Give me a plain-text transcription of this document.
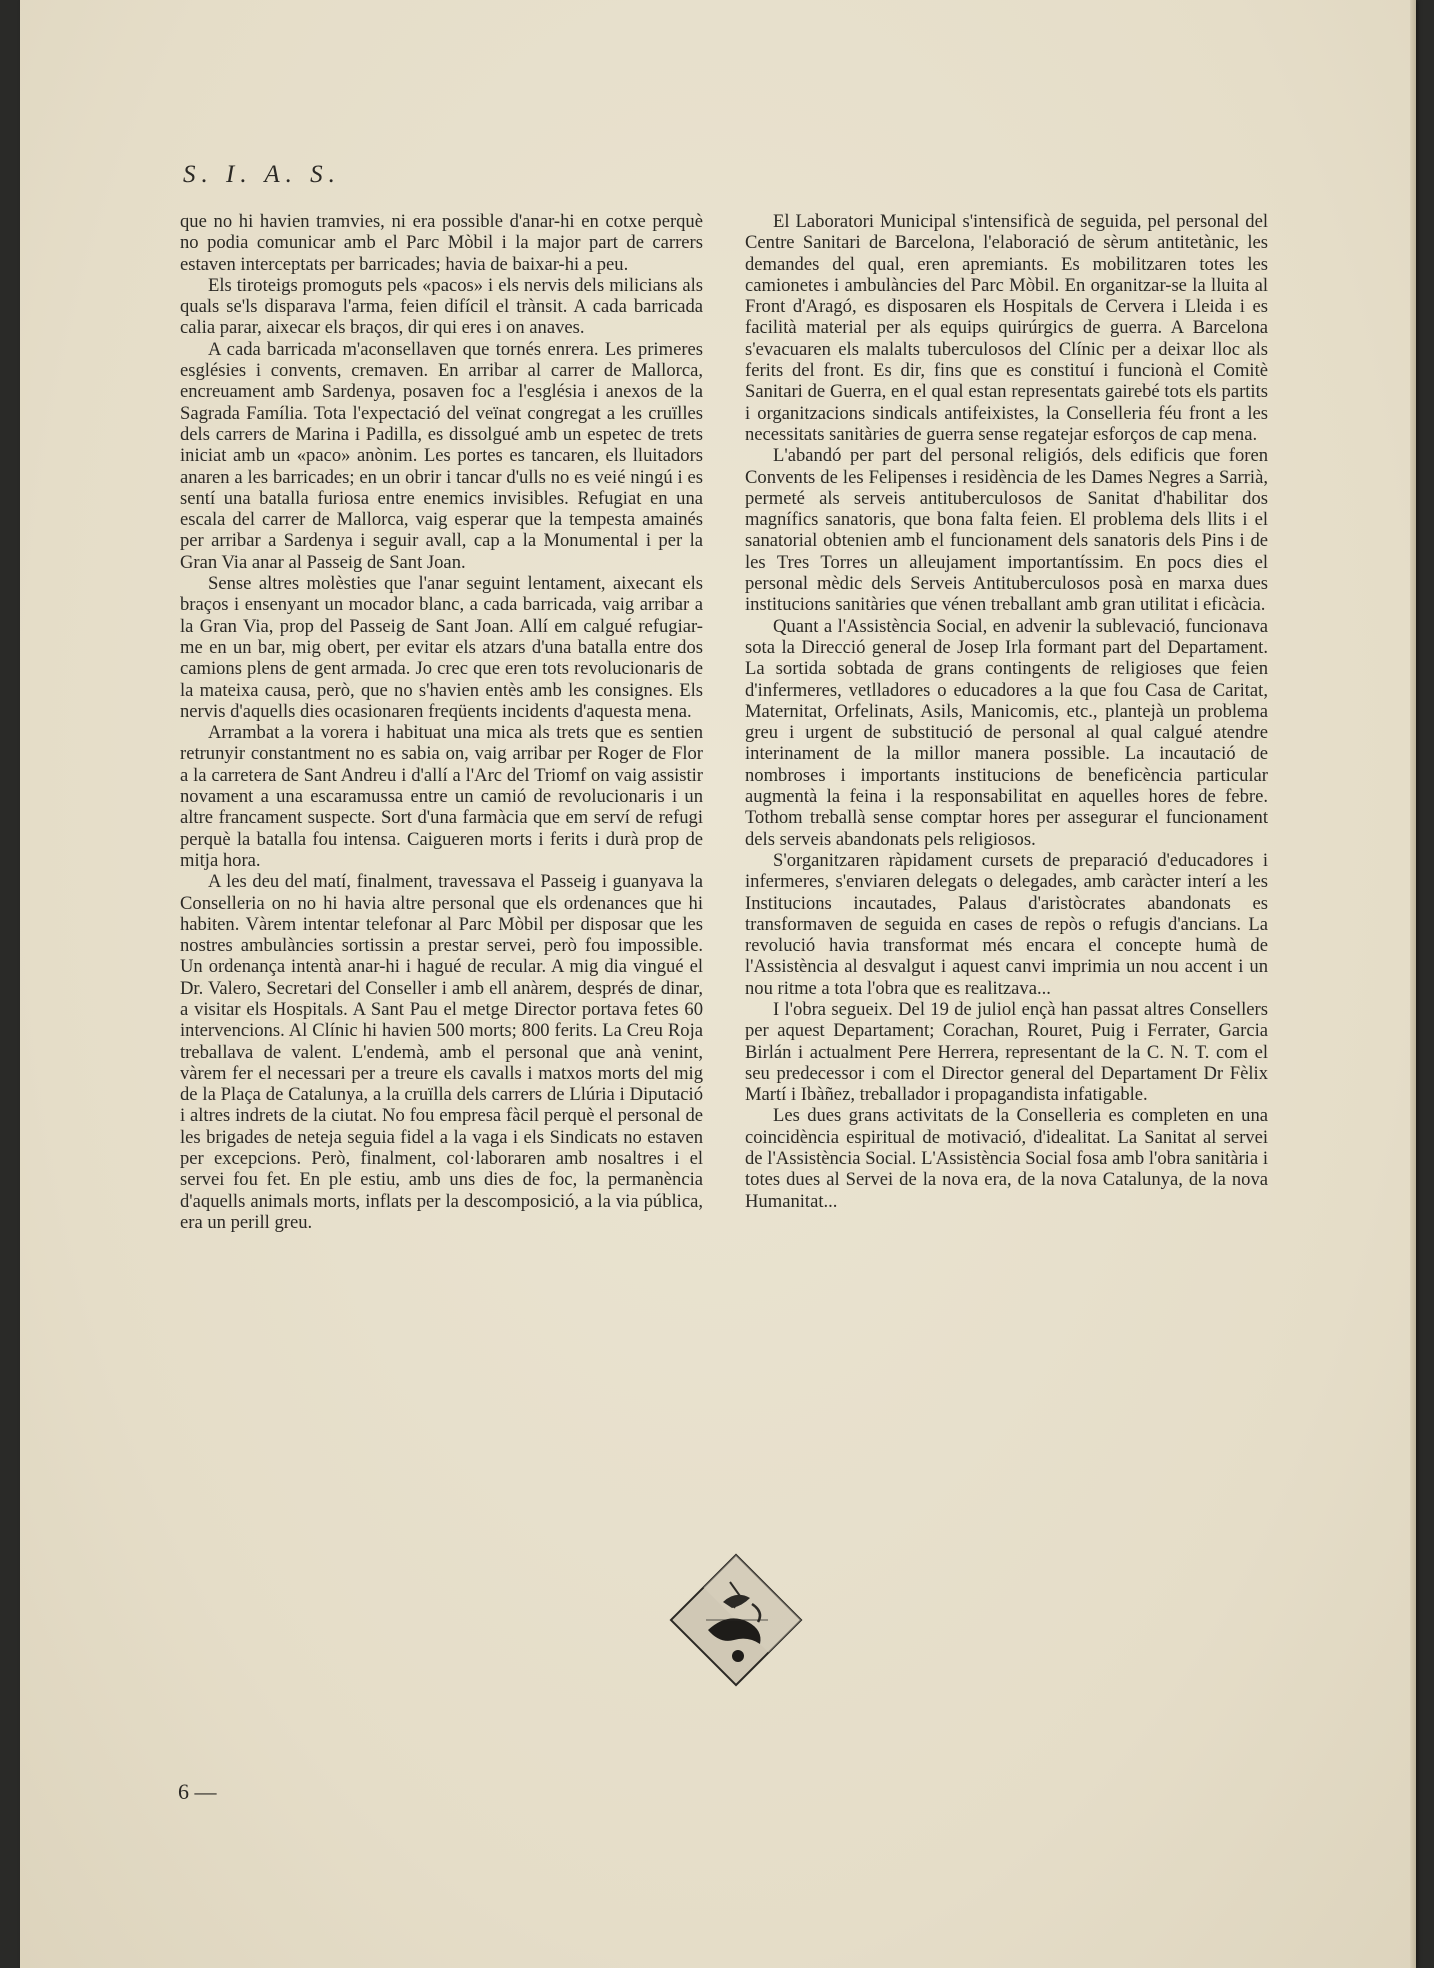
S. I. A. S.

que no hi havien tramvies, ni era possible d'anar-hi en cotxe perquè no podia comunicar amb el Parc Mòbil i la major part de carrers estaven interceptats per barricades; havia de baixar-hi a peu.

Els tiroteigs promoguts pels «pacos» i els nervis dels milicians als quals se'ls disparava l'arma, feien difícil el trànsit. A cada barricada calia parar, aixecar els braços, dir qui eres i on anaves.

A cada barricada m'aconsellaven que tornés enrera. Les primeres esglésies i convents, cremaven. En arribar al carrer de Mallorca, encreuament amb Sardenya, posaven foc a l'església i anexos de la Sagrada Família. Tota l'expectació del veïnat congregat a les cruïlles dels carrers de Marina i Padilla, es dissolgué amb un espetec de trets iniciat amb un «paco» anònim. Les portes es tancaren, els lluitadors anaren a les barricades; en un obrir i tancar d'ulls no es veié ningú i es sentí una batalla furiosa entre enemics invisibles. Refugiat en una escala del carrer de Mallorca, vaig esperar que la tempesta amainés per arribar a Sardenya i seguir avall, cap a la Monumental i per la Gran Via anar al Passeig de Sant Joan.

Sense altres molèsties que l'anar seguint lentament, aixecant els braços i ensenyant un mocador blanc, a cada barricada, vaig arribar a la Gran Via, prop del Passeig de Sant Joan. Allí em calgué refugiar-me en un bar, mig obert, per evitar els atzars d'una batalla entre dos camions plens de gent armada. Jo crec que eren tots revolucionaris de la mateixa causa, però, que no s'havien entès amb les consignes. Els nervis d'aquells dies ocasionaren freqüents incidents d'aquesta mena.

Arrambat a la vorera i habituat una mica als trets que es sentien retrunyir constantment no es sabia on, vaig arribar per Roger de Flor a la carretera de Sant Andreu i d'allí a l'Arc del Triomf on vaig assistir novament a una escaramussa entre un camió de revolucionaris i un altre francament suspecte. Sort d'una farmàcia que em serví de refugi perquè la batalla fou intensa. Caigueren morts i ferits i durà prop de mitja hora.

A les deu del matí, finalment, travessava el Passeig i guanyava la Conselleria on no hi havia altre personal que els ordenances que hi habiten. Vàrem intentar telefonar al Parc Mòbil per disposar que les nostres ambulàncies sortissin a prestar servei, però fou impossible. Un ordenança intentà anar-hi i hagué de recular. A mig dia vingué el Dr. Valero, Secretari del Conseller i amb ell anàrem, després de dinar, a visitar els Hospitals. A Sant Pau el metge Director portava fetes 60 intervencions. Al Clínic hi havien 500 morts; 800 ferits. La Creu Roja treballava de valent. L'endemà, amb el personal que anà venint, vàrem fer el necessari per a treure els cavalls i matxos morts del mig de la Plaça de Catalunya, a la cruïlla dels carrers de Llúria i Diputació i altres indrets de la ciutat. No fou empresa fàcil perquè el personal de les brigades de neteja seguia fidel a la vaga i els Sindicats no estaven per excepcions. Però, finalment, col·laboraren amb nosaltres i el servei fou fet. En ple estiu, amb uns dies de foc, la permanència d'aquells animals morts, inflats per la descomposició, a la via pública, era un perill greu.

El Laboratori Municipal s'intensificà de seguida, pel personal del Centre Sanitari de Barcelona, l'elaboració de sèrum antitetànic, les demandes del qual, eren apremiants. Es mobilitzaren totes les camionetes i ambulàncies del Parc Mòbil. En organitzar-se la lluita al Front d'Aragó, es disposaren els Hospitals de Cervera i Lleida i es facilità material per als equips quirúrgics de guerra. A Barcelona s'evacuaren els malalts tuberculosos del Clínic per a deixar lloc als ferits del front. Es dir, fins que es constituí i funcionà el Comitè Sanitari de Guerra, en el qual estan representats gairebé tots els partits i organitzacions sindicals antifeixistes, la Conselleria féu front a les necessitats sanitàries de guerra sense regatejar esforços de cap mena.

L'abandó per part del personal religiós, dels edificis que foren Convents de les Felipenses i residència de les Dames Negres a Sarrià, permeté als serveis antituberculosos de Sanitat d'habilitar dos magnífics sanatoris, que bona falta feien. El problema dels llits i el sanatorial obtenien amb el funcionament dels sanatoris dels Pins i de les Tres Torres un alleujament importantíssim. En pocs dies el personal mèdic dels Serveis Antituberculosos posà en marxa dues institucions sanitàries que vénen treballant amb gran utilitat i eficàcia.

Quant a l'Assistència Social, en advenir la sublevació, funcionava sota la Direcció general de Josep Irla formant part del Departament. La sortida sobtada de grans contingents de religioses que feien d'infermeres, vetlladores o educadores a la que fou Casa de Caritat, Maternitat, Orfelinats, Asils, Manicomis, etc., plantejà un problema greu i urgent de substitució de personal al qual calgué atendre interinament de la millor manera possible. La incautació de nombroses i importants institucions de beneficència particular augmentà la feina i la responsabilitat en aquelles hores de febre. Tothom treballà sense comptar hores per assegurar el funcionament dels serveis abandonats pels religiosos.

S'organitzaren ràpidament cursets de preparació d'educadores i infermeres, s'enviaren delegats o delegades, amb caràcter interí a les Institucions incautades, Palaus d'aristòcrates abandonats es transformaven de seguida en cases de repòs o refugis d'ancians. La revolució havia transformat més encara el concepte humà de l'Assistència al desvalgut i aquest canvi imprimia un nou accent i un nou ritme a tota l'obra que es realitzava...

I l'obra segueix. Del 19 de juliol ençà han passat altres Consellers per aquest Departament; Corachan, Rouret, Puig i Ferrater, Garcia Birlán i actualment Pere Herrera, representant de la C. N. T. com el seu predecessor i com el Director general del Departament Dr Fèlix Martí i Ibàñez, treballador i propagandista infatigable.

Les dues grans activitats de la Conselleria es completen en una coincidència espiritual de motivació, d'idealitat. La Sanitat al servei de l'Assistència Social. L'Assistència Social fosa amb l'obra sanitària i totes dues al Servei de la nova era, de la nova Catalunya, de la nova Humanitat...

6 —
